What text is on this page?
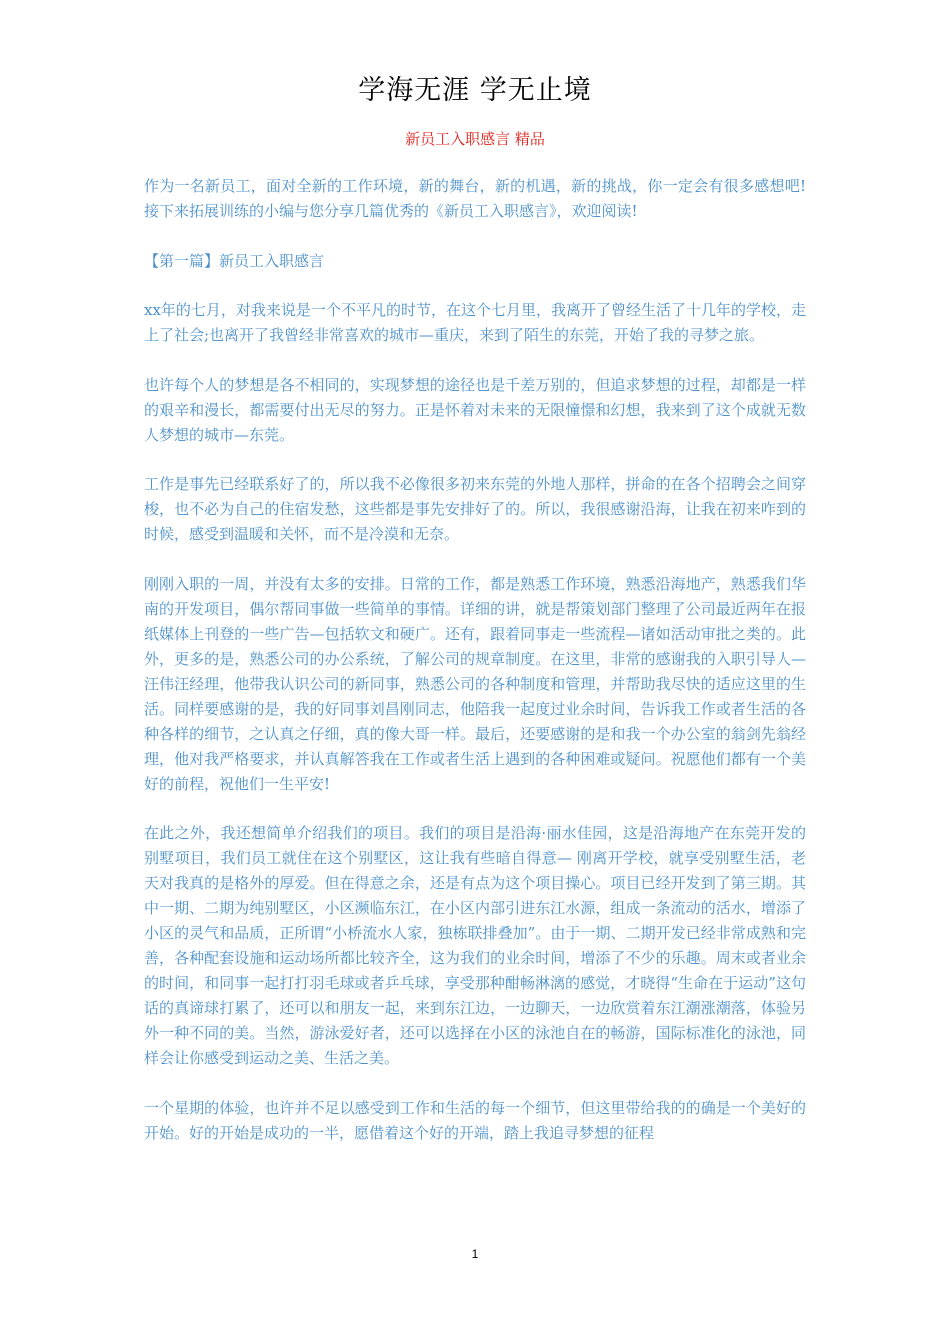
学海无涯 学无止境
新员工入职感言 精品

作为一名新员工，面对全新的工作环境，新的舞台，新的机遇，新的挑战，你一定会有很多感想吧!接下来拓展训练的小编与您分享几篇优秀的《新员工入职感言》，欢迎阅读!

【第一篇】新员工入职感言

xx年的七月，对我来说是一个不平凡的时节，在这个七月里，我离开了曾经生活了十几年的学校，走上了社会;也离开了我曾经非常喜欢的城市—重庆，来到了陌生的东莞，开始了我的寻梦之旅。

也许每个人的梦想是各不相同的，实现梦想的途径也是千差万别的，但追求梦想的过程，却都是一样的艰辛和漫长，都需要付出无尽的努力。正是怀着对未来的无限憧憬和幻想，我来到了这个成就无数人梦想的城市—东莞。

工作是事先已经联系好了的，所以我不必像很多初来东莞的外地人那样，拼命的在各个招聘会之间穿梭，也不必为自己的住宿发愁，这些都是事先安排好了的。所以，我很感谢沿海，让我在初来咋到的时候，感受到温暖和关怀，而不是冷漠和无奈。

刚刚入职的一周，并没有太多的安排。日常的工作，都是熟悉工作环境，熟悉沿海地产，熟悉我们华南的开发项目，偶尔帮同事做一些简单的事情。详细的讲，就是帮策划部门整理了公司最近两年在报纸媒体上刊登的一些广告—包括软文和硬广。还有，跟着同事走一些流程—诸如活动审批之类的。此外，更多的是，熟悉公司的办公系统，了解公司的规章制度。在这里，非常的感谢我的入职引导人—汪伟汪经理，他带我认识公司的新同事，熟悉公司的各种制度和管理，并帮助我尽快的适应这里的生活。同样要感谢的是，我的好同事刘昌刚同志，他陪我一起度过业余时间，告诉我工作或者生活的各种各样的细节，之认真之仔细，真的像大哥一样。最后，还要感谢的是和我一个办公室的翁剑先翁经理，他对我严格要求，并认真解答我在工作或者生活上遇到的各种困难或疑问。祝愿他们都有一个美好的前程，祝他们一生平安!

在此之外，我还想简单介绍我们的项目。我们的项目是沿海·丽水佳园，这是沿海地产在东莞开发的别墅项目，我们员工就住在这个别墅区，这让我有些暗自得意— 刚离开学校，就享受别墅生活，老天对我真的是格外的厚爱。但在得意之余，还是有点为这个项目操心。项目已经开发到了第三期。其中一期、二期为纯别墅区，小区濒临东江，在小区内部引进东江水源，组成一条流动的活水，增添了小区的灵气和品质，正所谓“小桥流水人家，独栋联排叠加”。由于一期、二期开发已经非常成熟和完善，各种配套设施和运动场所都比较齐全，这为我们的业余时间，增添了不少的乐趣。周末或者业余的时间，和同事一起打打羽毛球或者乒乓球，享受那种酣畅淋漓的感觉，才晓得“生命在于运动”这句话的真谛球打累了，还可以和朋友一起，来到东江边，一边聊天，一边欣赏着东江潮涨潮落，体验另外一种不同的美。当然，游泳爱好者，还可以选择在小区的泳池自在的畅游，国际标准化的泳池，同样会让你感受到运动之美、生活之美。

一个星期的体验，也许并不足以感受到工作和生活的每一个细节，但这里带给我的的确是一个美好的开始。好的开始是成功的一半，愿借着这个好的开端，踏上我追寻梦想的征程

1
